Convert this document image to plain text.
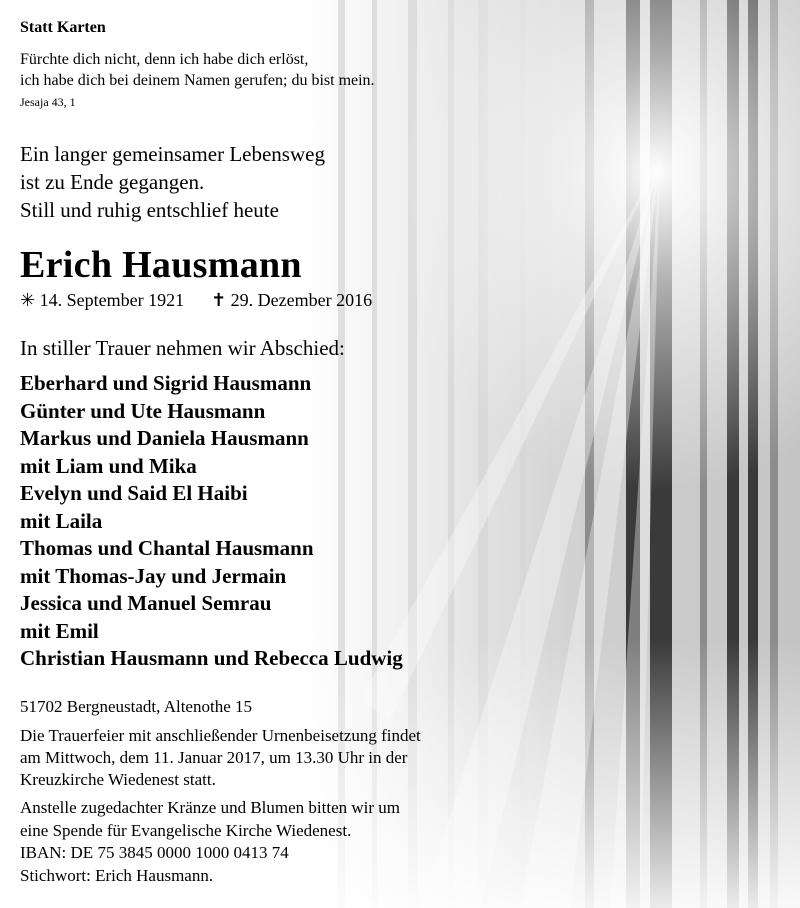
Statt Karten
Fürchte dich nicht, denn ich habe dich erlöst,
ich habe dich bei deinem Namen gerufen; du bist mein.
Jesaja 43, 1
Ein langer gemeinsamer Lebensweg
ist zu Ende gegangen.
Still und ruhig entschlief heute
Erich Hausmann
✳ 14. September 1921 ✝ 29. Dezember 2016
In stiller Trauer nehmen wir Abschied:
Eberhard und Sigrid Hausmann
Günter und Ute Hausmann
Markus und Daniela Hausmann
mit Liam und Mika
Evelyn und Said El Haibi
mit Laila
Thomas und Chantal Hausmann
mit Thomas-Jay und Jermain
Jessica und Manuel Semrau
mit Emil
Christian Hausmann und Rebecca Ludwig
51702 Bergneustadt, Altenothe 15
Die Trauerfeier mit anschließender Urnenbeisetzung findet
am Mittwoch, dem 11. Januar 2017, um 13.30 Uhr in der
Kreuzkirche Wiedenest statt.
Anstelle zugedachter Kränze und Blumen bitten wir um
eine Spende für Evangelische Kirche Wiedenest.
IBAN: DE 75 3845 0000 1000 0413 74
Stichwort: Erich Hausmann.
